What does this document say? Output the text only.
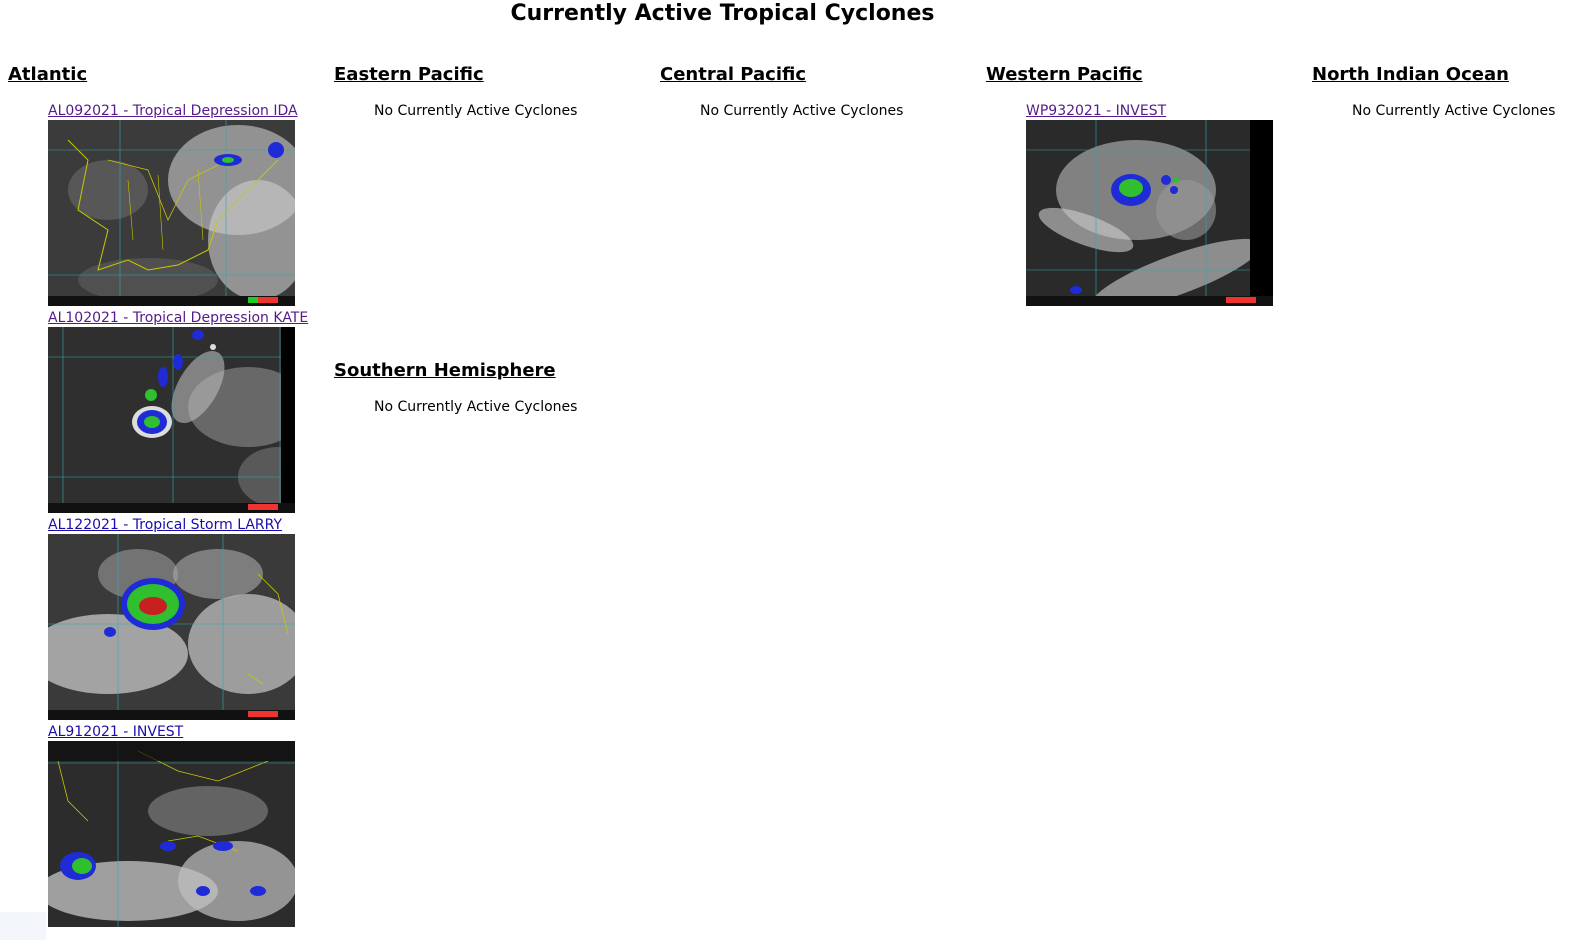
Currently Active Tropical Cyclones
Atlantic
AL092021 - Tropical Depression IDA
AL102021 - Tropical Depression KATE
AL122021 - Tropical Storm LARRY
AL912021 - INVEST
Eastern Pacific
No Currently Active Cyclones
Southern Hemisphere
No Currently Active Cyclones
Central Pacific
No Currently Active Cyclones
Western Pacific
WP932021 - INVEST
North Indian Ocean
No Currently Active Cyclones
